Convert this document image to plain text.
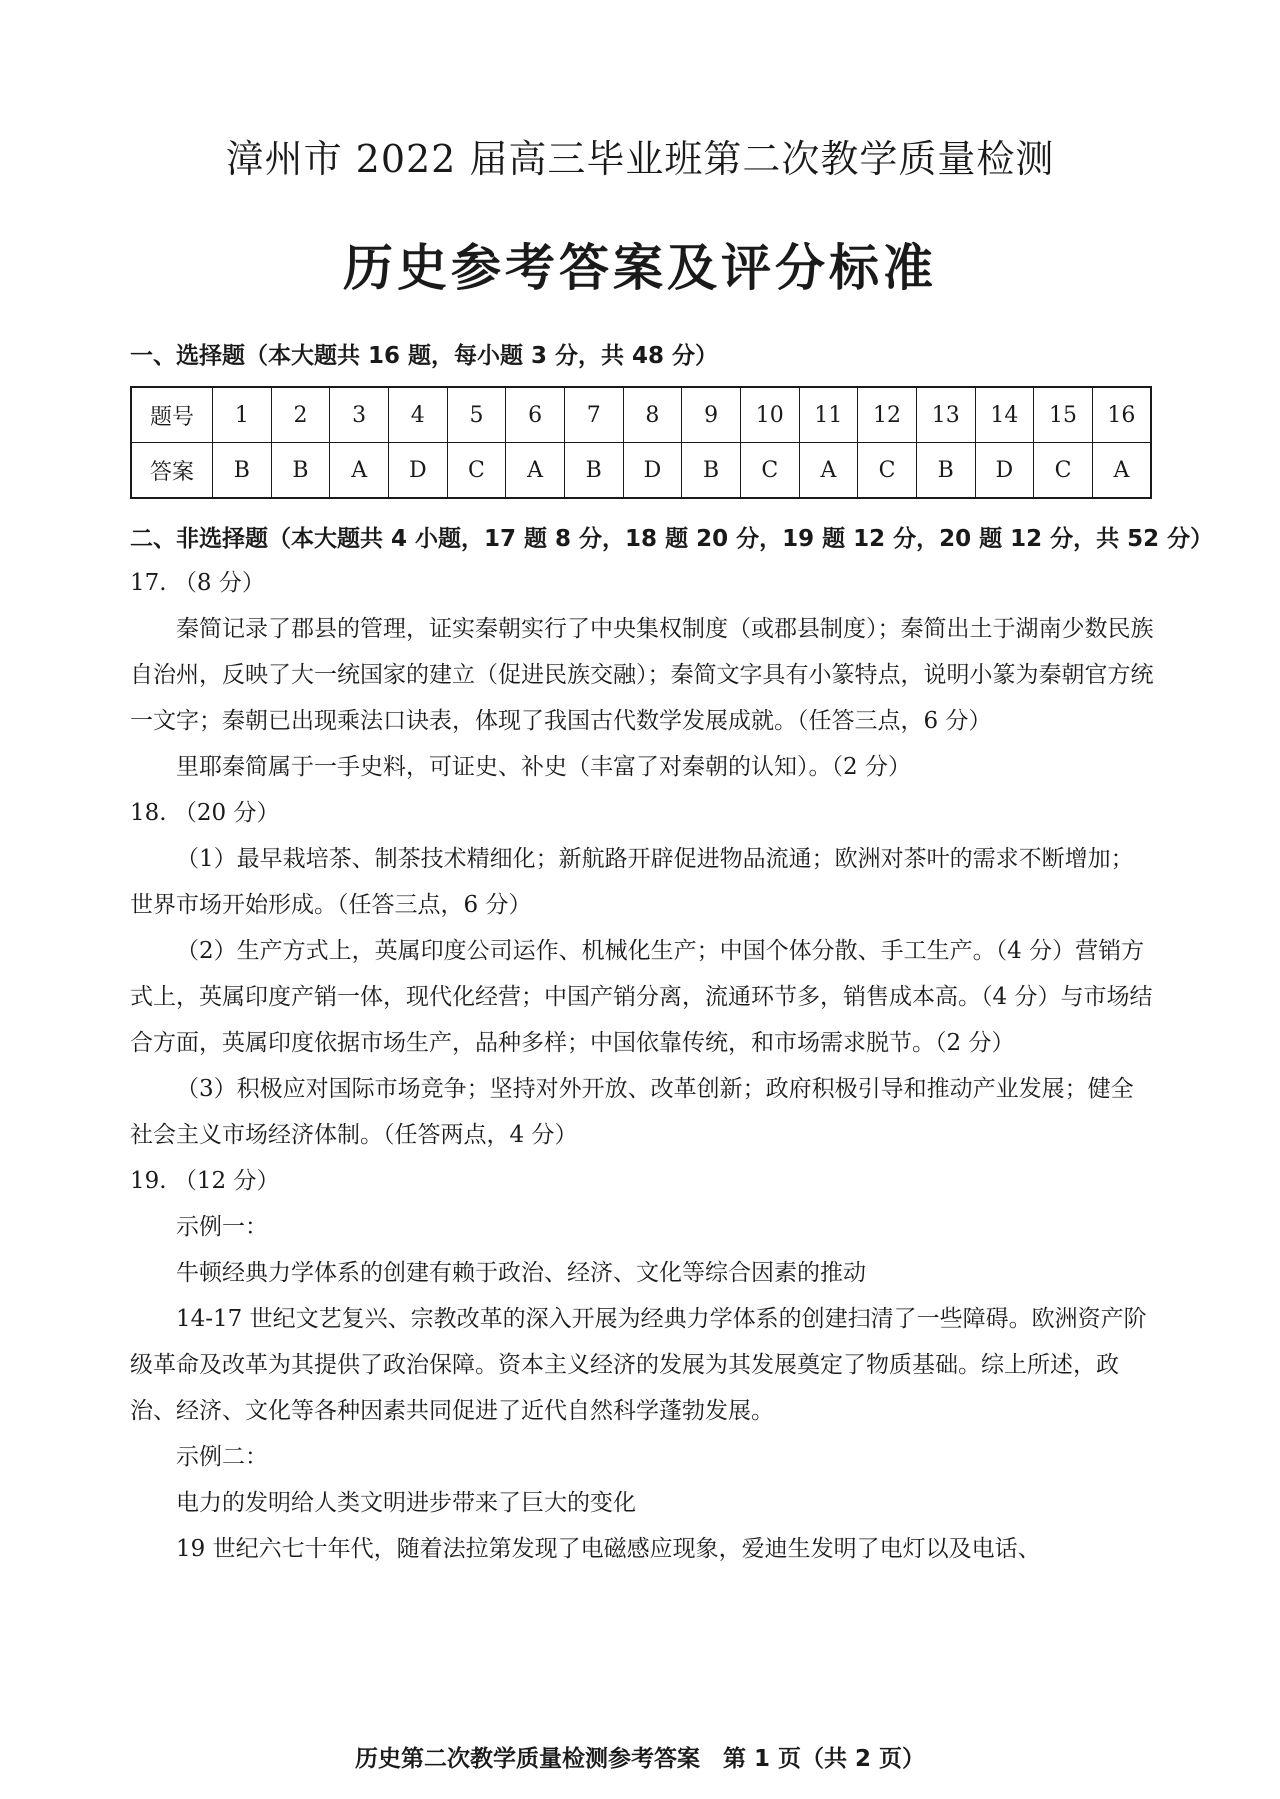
漳州市 2022 届高三毕业班第二次教学质量检测
历史参考答案及评分标准
一、选择题（本大题共 16 题，每小题 3 分，共 48 分）
题号	1	2	3	4	5	6	7	8	9	10	11	12	13	14	15	16
答案	B	B	A	D	C	A	B	D	B	C	A	C	B	D	C	A
二、非选择题（本大题共 4 小题，17 题 8 分，18 题 20 分，19 题 12 分，20 题 12 分，共 52 分）

17. （8 分）

秦简记录了郡县的管理，证实秦朝实行了中央集权制度（或郡县制度）；秦简出土于湖南少数民族自治州，反映了大一统国家的建立（促进民族交融）；秦简文字具有小篆特点，说明小篆为秦朝官方统一文字；秦朝已出现乘法口诀表，体现了我国古代数学发展成就。（任答三点，6 分）

里耶秦简属于一手史料，可证史、补史（丰富了对秦朝的认知）。（2 分）

18. （20 分）

（1）最早栽培茶、制茶技术精细化；新航路开辟促进物品流通；欧洲对茶叶的需求不断增加；世界市场开始形成。（任答三点，6 分）

（2）生产方式上，英属印度公司运作、机械化生产；中国个体分散、手工生产。（4 分）营销方式上，英属印度产销一体，现代化经营；中国产销分离，流通环节多，销售成本高。（4 分）与市场结合方面，英属印度依据市场生产，品种多样；中国依靠传统，和市场需求脱节。（2 分）

（3）积极应对国际市场竞争；坚持对外开放、改革创新；政府积极引导和推动产业发展；健全社会主义市场经济体制。（任答两点，4 分）

19. （12 分）

示例一：

牛顿经典力学体系的创建有赖于政治、经济、文化等综合因素的推动

14-17 世纪文艺复兴、宗教改革的深入开展为经典力学体系的创建扫清了一些障碍。欧洲资产阶级革命及改革为其提供了政治保障。资本主义经济的发展为其发展奠定了物质基础。综上所述，政治、经济、文化等各种因素共同促进了近代自然科学蓬勃发展。

示例二：

电力的发明给人类文明进步带来了巨大的变化

19 世纪六七十年代，随着法拉第发现了电磁感应现象，爱迪生发明了电灯以及电话、

历史第二次教学质量检测参考答案　第 1 页（共 2 页）
